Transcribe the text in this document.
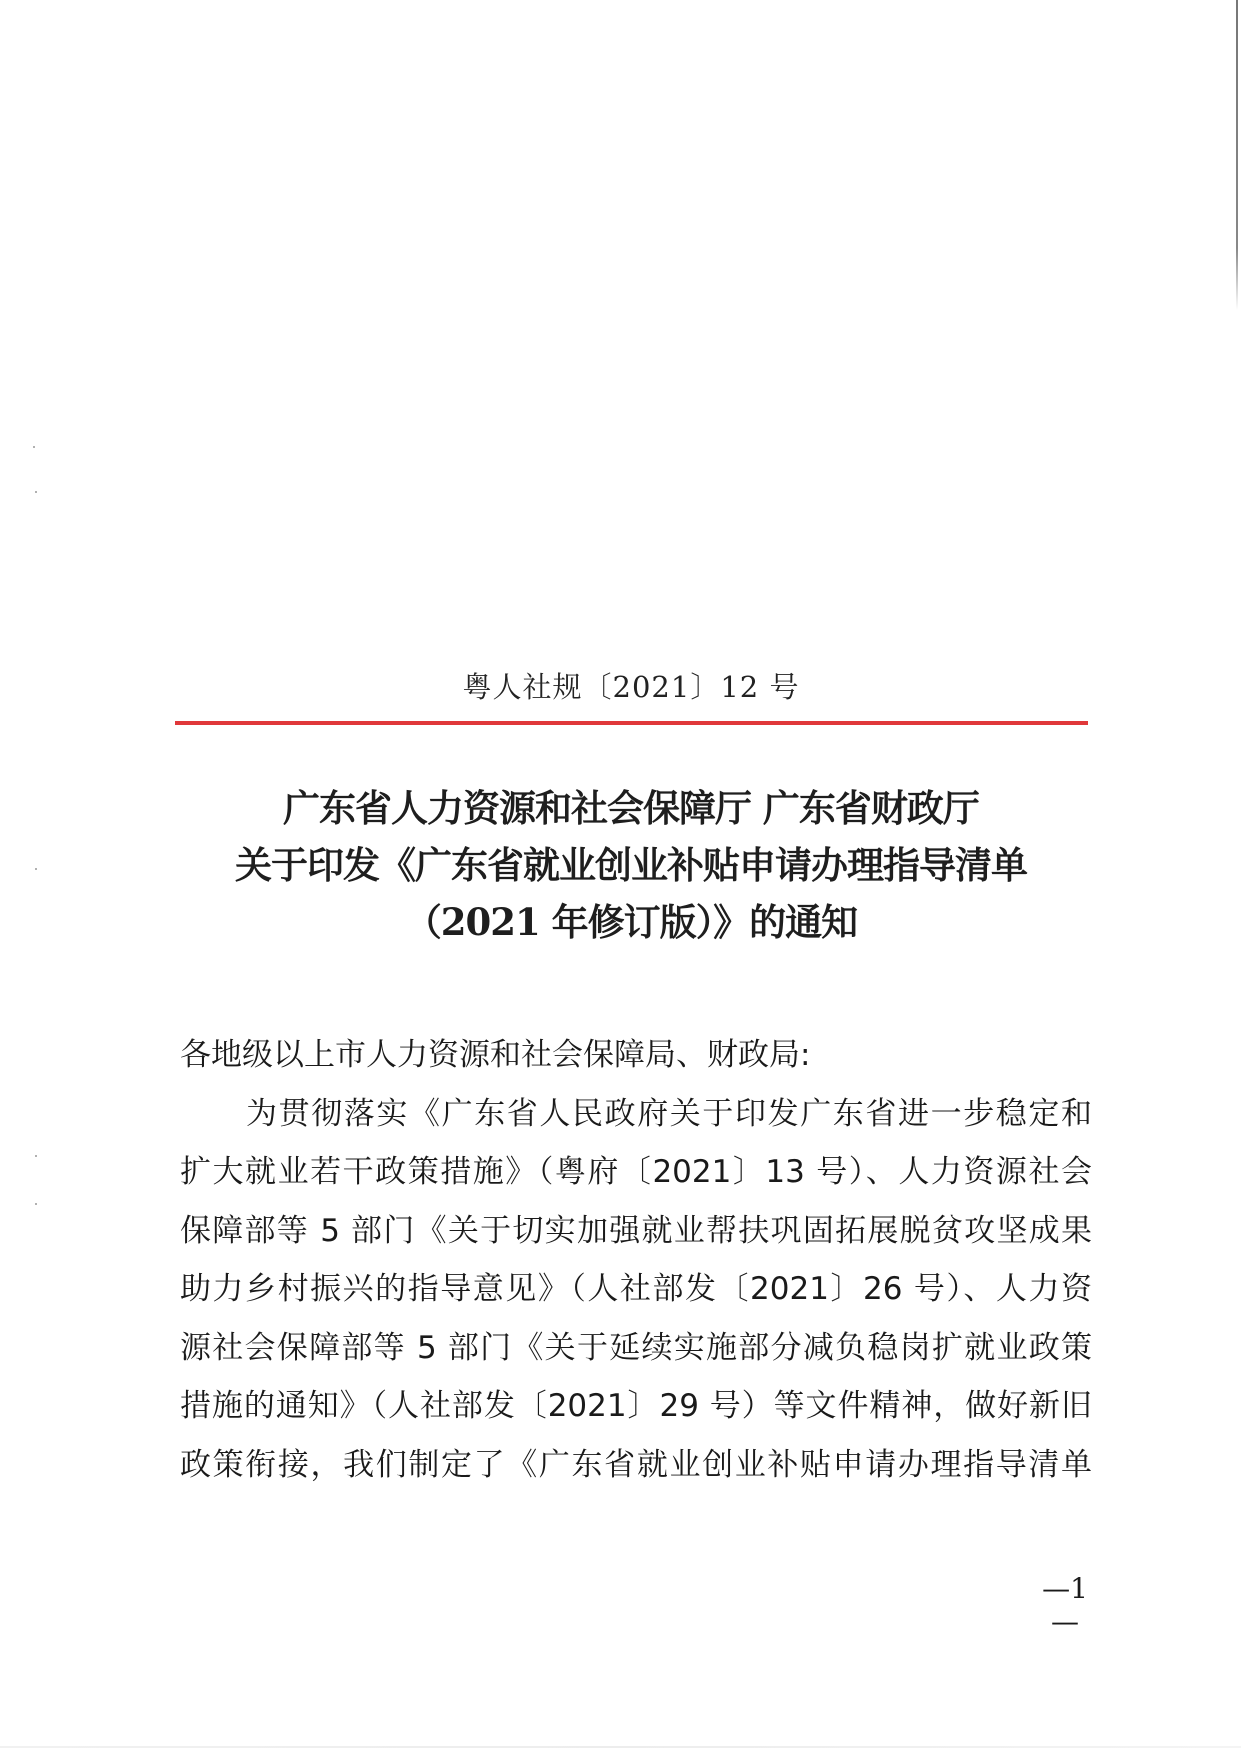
粤人社规〔2021〕12 号
广东省人力资源和社会保障厅 广东省财政厅
关于印发《广东省就业创业补贴申请办理指导清单
（2021 年修订版）》的通知
各地级以上市人力资源和社会保障局、财政局:
为贯彻落实《广东省人民政府关于印发广东省进一步稳定和
扩大就业若干政策措施》（粤府〔2021〕13 号）、人力资源社会
保障部等 5 部门《关于切实加强就业帮扶巩固拓展脱贫攻坚成果
助力乡村振兴的指导意见》（人社部发〔2021〕26 号）、人力资
源社会保障部等 5 部门《关于延续实施部分减负稳岗扩就业政策
措施的通知》（人社部发〔2021〕29 号）等文件精神，做好新旧
政策衔接，我们制定了《广东省就业创业补贴申请办理指导清单
—1—
